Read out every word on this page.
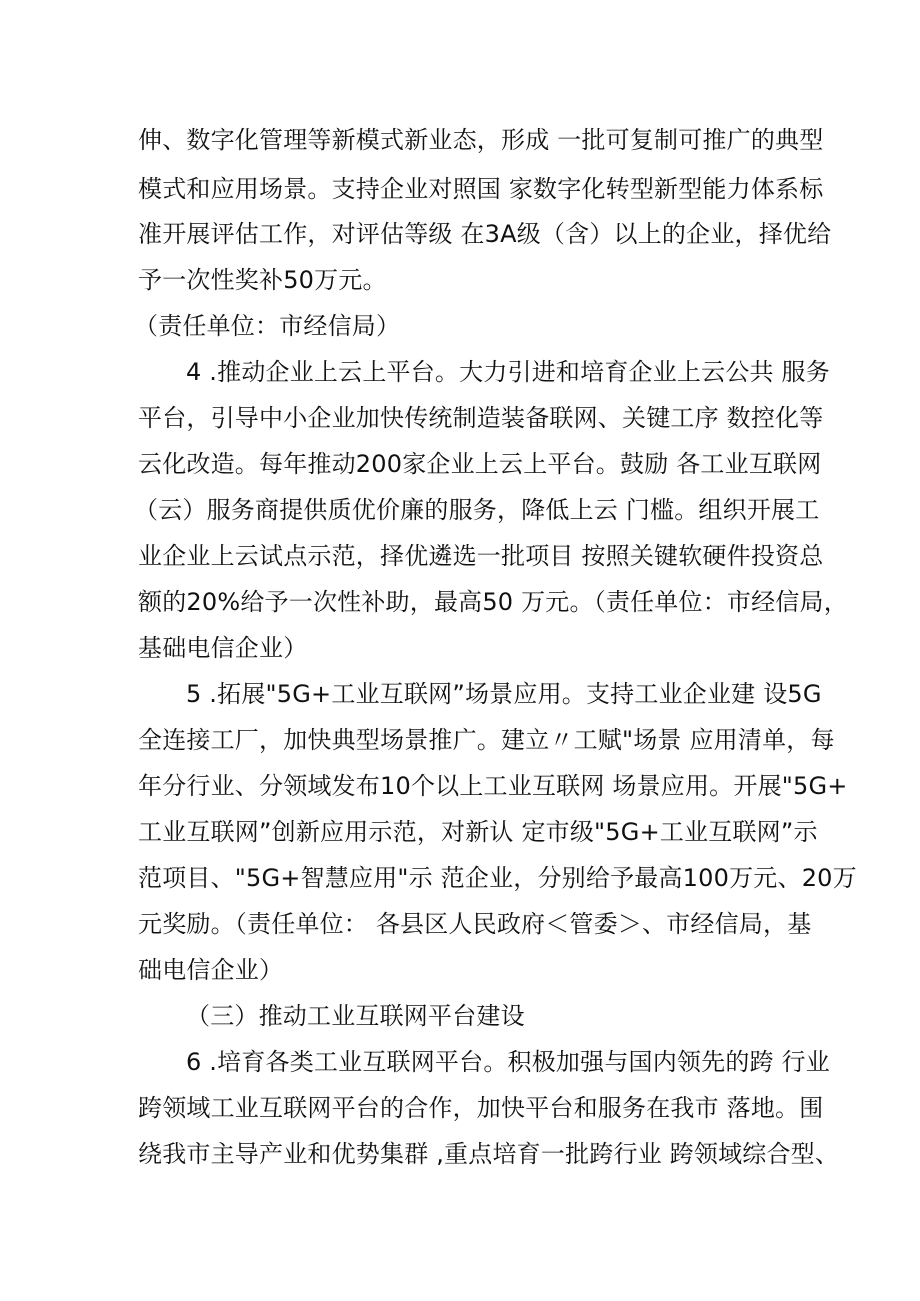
伸、数字化管理等新模式新业态，形成 一批可复制可推广的典型
模式和应用场景。支持企业对照国 家数字化转型新型能力体系标
准开展评估工作，对评估等级 在3A级（含）以上的企业，择优给
予一次性奖补50万元。
（责任单位：市经信局）
4 .推动企业上云上平台。大力引进和培育企业上云公共 服务
平台，引导中小企业加快传统制造装备联网、关键工序 数控化等
云化改造。每年推动200家企业上云上平台。鼓励 各工业互联网
（云）服务商提供质优价廉的服务，降低上云 门槛。组织开展工
业企业上云试点示范，择优遴选一批项目 按照关键软硬件投资总
额的20%给予一次性补助，最高50 万元。（责任单位：市经信局，
基础电信企业）
5 .拓展"5G+工业互联网”场景应用。支持工业企业建 设5G
全连接工厂，加快典型场景推广。建立〃工赋"场景 应用清单，每
年分行业、分领域发布10个以上工业互联网 场景应用。开展"5G+
工业互联网”创新应用示范，对新认 定市级"5G+工业互联网”示
范项目、"5G+智慧应用"示 范企业，分别给予最高100万元、20万
元奖励。（责任单位： 各县区人民政府＜管委＞、市经信局，基
础电信企业）
（三）推动工业互联网平台建设
6 .培育各类工业互联网平台。积极加强与国内领先的跨 行业
跨领域工业互联网平台的合作，加快平台和服务在我市 落地。围
绕我市主导产业和优势集群 ,重点培育一批跨行业 跨领域综合型、
